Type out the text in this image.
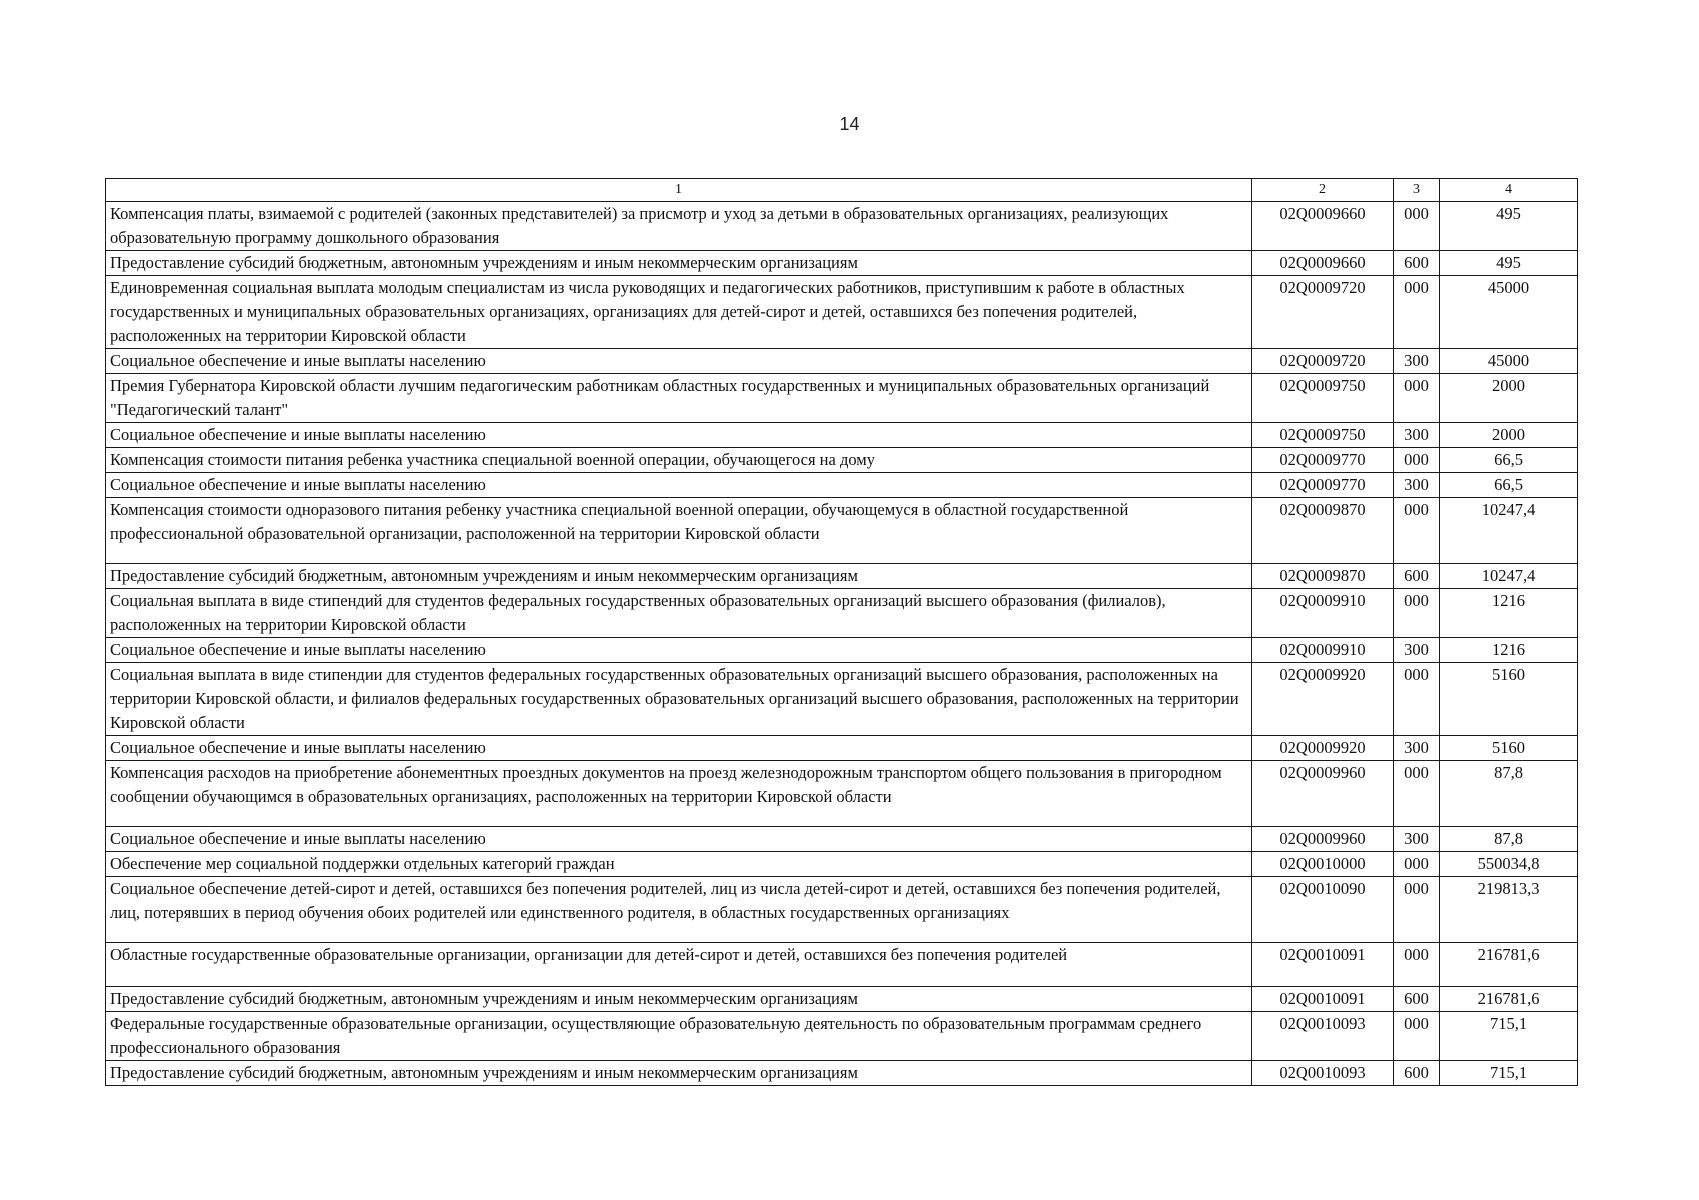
14
1	2	3	4
Компенсация платы, взимаемой с родителей (законных представителей) за присмотр и уход за детьми в образовательных организациях, реализующих образовательную программу дошкольного образования	02Q0009660	000	495
Предоставление субсидий бюджетным, автономным учреждениям и иным некоммерческим организациям	02Q0009660	600	495
Единовременная социальная выплата молодым специалистам из числа руководящих и педагогических работников, приступившим к работе в областных государственных и муниципальных образовательных организациях, организациях для детей-сирот и детей, оставшихся без попечения родителей, расположенных на территории Кировской области	02Q0009720	000	45000
Социальное обеспечение и иные выплаты населению	02Q0009720	300	45000
Премия Губернатора Кировской области лучшим педагогическим работникам областных государственных и муниципальных образовательных организаций "Педагогический талант"	02Q0009750	000	2000
Социальное обеспечение и иные выплаты населению	02Q0009750	300	2000
Компенсация стоимости питания ребенка участника специальной военной операции, обучающегося на дому	02Q0009770	000	66,5
Социальное обеспечение и иные выплаты населению	02Q0009770	300	66,5
Компенсация стоимости одноразового питания ребенку участника специальной военной операции, обучающемуся в областной государственной профессиональной образовательной организации, расположенной на территории Кировской области	02Q0009870	000	10247,4
Предоставление субсидий бюджетным, автономным учреждениям и иным некоммерческим организациям	02Q0009870	600	10247,4
Социальная выплата в виде стипендий для студентов федеральных государственных образовательных организаций высшего образования (филиалов), расположенных на территории Кировской области	02Q0009910	000	1216
Социальное обеспечение и иные выплаты населению	02Q0009910	300	1216
Социальная выплата в виде стипендии для студентов федеральных государственных образовательных организаций высшего образования, расположенных на территории Кировской области, и филиалов федеральных государственных образовательных организаций высшего образования, расположенных на территории Кировской области	02Q0009920	000	5160
Социальное обеспечение и иные выплаты населению	02Q0009920	300	5160
Компенсация расходов на приобретение абонементных проездных документов на проезд железнодорожным транспортом общего пользования в пригородном сообщении обучающимся в образовательных организациях, расположенных на территории Кировской области	02Q0009960	000	87,8
Социальное обеспечение и иные выплаты населению	02Q0009960	300	87,8
Обеспечение мер социальной поддержки отдельных категорий граждан	02Q0010000	000	550034,8
Социальное обеспечение детей-сирот и детей, оставшихся без попечения родителей, лиц из числа детей-сирот и детей, оставшихся без попечения родителей, лиц, потерявших в период обучения обоих родителей или единственного родителя, в областных государственных организациях	02Q0010090	000	219813,3
Областные государственные образовательные организации, организации для детей-сирот и детей, оставшихся без попечения родителей	02Q0010091	000	216781,6
Предоставление субсидий бюджетным, автономным учреждениям и иным некоммерческим организациям	02Q0010091	600	216781,6
Федеральные государственные образовательные организации, осуществляющие образовательную деятельность по образовательным программам среднего профессионального образования	02Q0010093	000	715,1
Предоставление субсидий бюджетным, автономным учреждениям и иным некоммерческим организациям	02Q0010093	600	715,1
